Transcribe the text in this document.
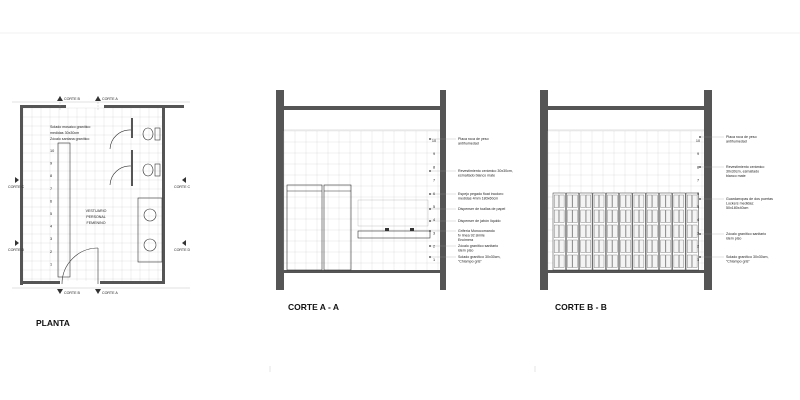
10
9
8
7
6
5
4
3
2
1
VESTUARIO
PERSONAL
FEMENINO
Solado mosaico granítico
medidas 30x30cm
Zócalo santana granítico
CORTE B	CORTE A
CORTE B	CORTE A
CORTE C	CORTE C
CORTE D	CORTE D
PLANTA
10
9
8
7
6
5
4
3
2
1
Placa roca de yeso
antihumedad
Revestimiento cerámico 30x30cm,
esmaltado blanco mate
Espejo pegado float incoloro
medidas 4mm 180x60cm
Dispenser de toallas de papel
Dispenser de jabón líquido
Grifería Monocomando
fv línea 92 simile
Encimera
Zócalo granítico sanitario
idem piso
Solado granítico 30x30cm,
"Chiampo gris"
CORTE A - A
10
9
8
7
6
5
4
3
2
1
Placa roca de yeso
antihumedad
Revestimiento cerámico
30x30cm, esmaltado
blanco mate
Guardarropas de dos puertas
Lockers medidas:
50x180x40cm
Zócalo granítico sanitario
idem piso
Solado granítico 30x30cm,
"Chiampo gris"
CORTE B - B
